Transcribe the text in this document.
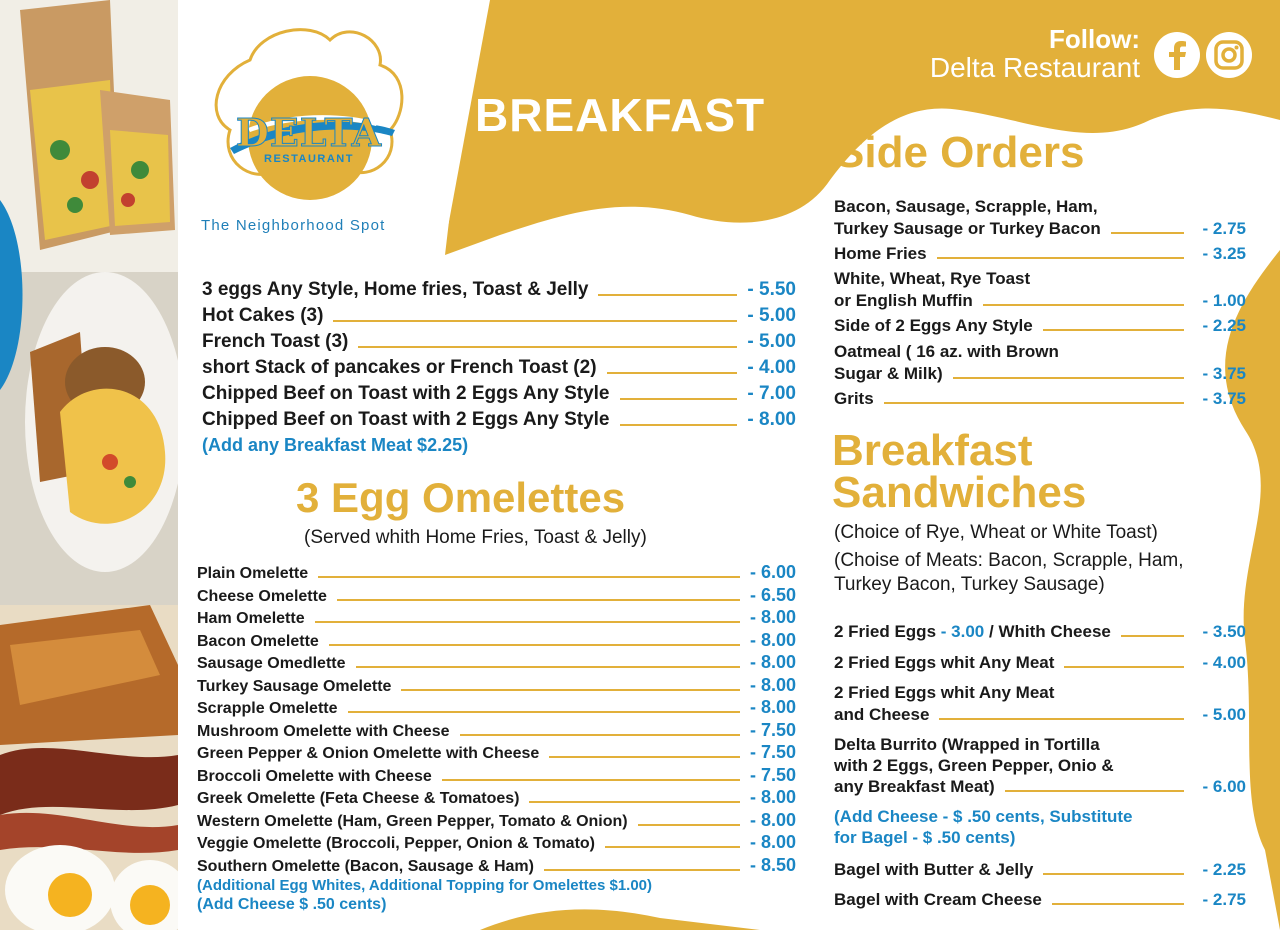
DELTA
RESTAURANT
The Neighborhood Spot
BREAKFAST
Follow:
Delta Restaurant
3 eggs Any Style, Home fries, Toast & Jelly	- 5.50
Hot Cakes (3)	- 5.00
French Toast (3)	- 5.00
short Stack of pancakes or French Toast (2)	- 4.00
Chipped Beef on Toast with 2 Eggs Any Style	- 7.00
Chipped Beef on Toast with 2 Eggs Any Style	- 8.00
(Add any Breakfast Meat $2.25)
3 Egg Omelettes
(Served whith Home Fries, Toast & Jelly)
Plain Omelette	- 6.00
Cheese Omelette	- 6.50
Ham Omelette	- 8.00
Bacon Omelette	- 8.00
Sausage Omedlette	- 8.00
Turkey Sausage Omelette	- 8.00
Scrapple Omelette	- 8.00
Mushroom Omelette with Cheese	- 7.50
Green Pepper & Onion Omelette with Cheese	- 7.50
Broccoli Omelette with Cheese	- 7.50
Greek Omelette (Feta Cheese & Tomatoes)	- 8.00
Western Omelette (Ham, Green Pepper, Tomato & Onion)	- 8.00
Veggie Omelette (Broccoli, Pepper, Onion & Tomato)	- 8.00
Southern Omelette (Bacon, Sausage & Ham)	- 8.50
(Additional Egg Whites, Additional Topping for Omelettes $1.00)
(Add Cheese $ .50 cents)
Side Orders
Bacon, Sausage, Scrapple, Ham,
Turkey Sausage or Turkey Bacon	- 2.75
Home Fries	- 3.25
White, Wheat, Rye Toast
or English Muffin	- 1.00
Side of 2 Eggs Any Style	- 2.25
Oatmeal ( 16 az. with Brown
Sugar & Milk)	- 3.75
Grits	- 3.75
Breakfast
Sandwiches
(Choice of Rye, Wheat or White Toast)
(Choise of Meats: Bacon, Scrapple, Ham,
Turkey Bacon, Turkey Sausage)
2 Fried Eggs - 3.00 / Whith Cheese	- 3.50
2 Fried Eggs whit Any Meat	- 4.00
2 Fried Eggs whit Any Meat
and Cheese	- 5.00
Delta Burrito (Wrapped in Tortilla
with 2 Eggs, Green Pepper, Onio &
any Breakfast Meat)	- 6.00
(Add Cheese - $ .50 cents, Substitute
for Bagel - $ .50 cents)
Bagel with Butter & Jelly	- 2.25
Bagel with Cream Cheese	- 2.75
